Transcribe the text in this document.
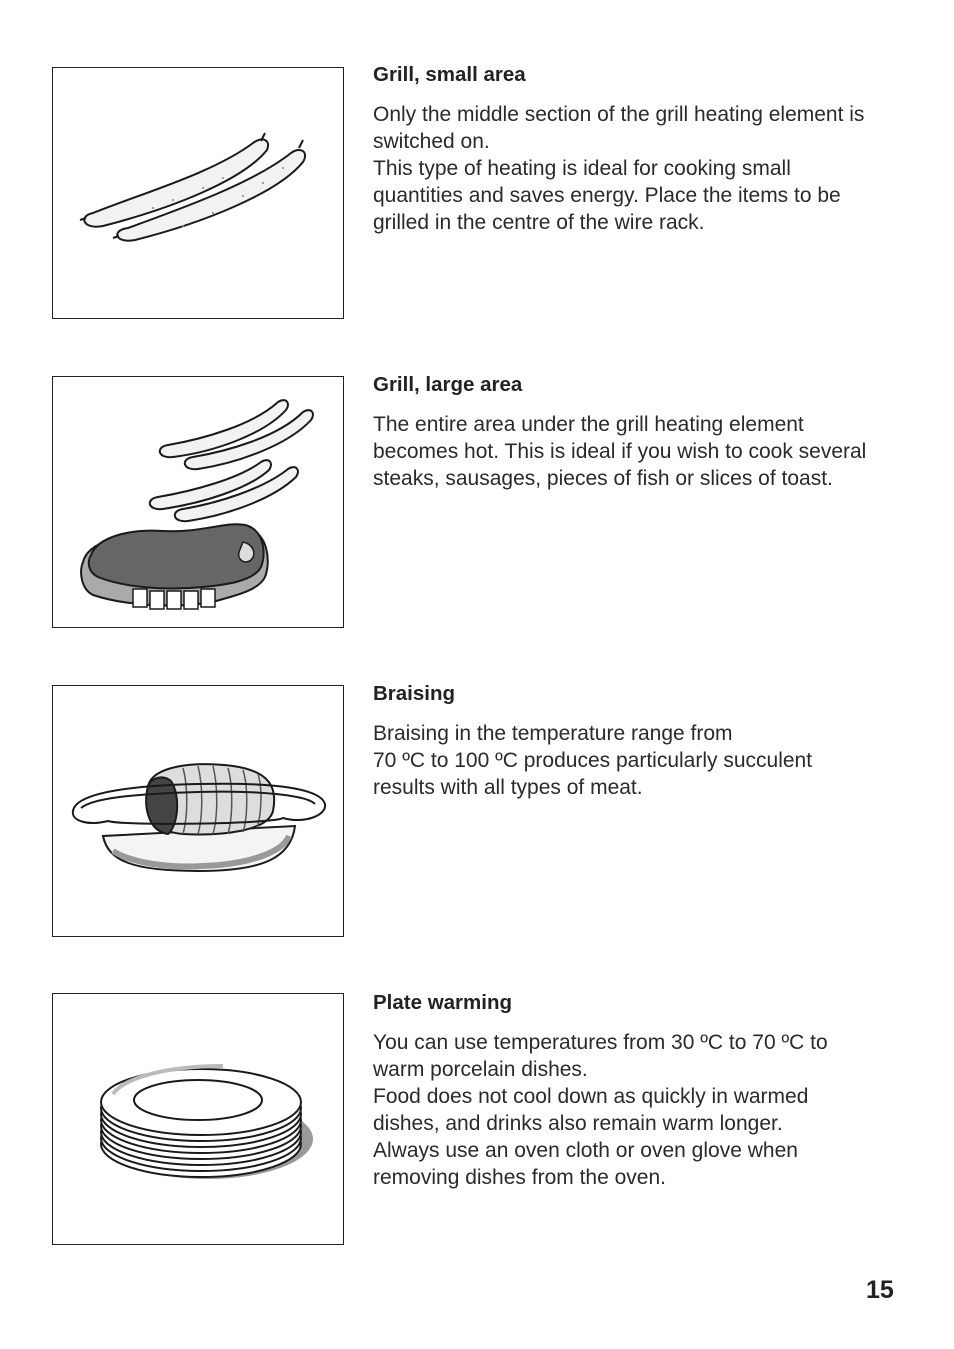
Grill, small area

Only the middle section of the grill heating element is
switched on.
This type of heating is ideal for cooking small
quantities and saves energy. Place the items to be
grilled in the centre of the wire rack.

Grill, large area

The entire area under the grill heating element
becomes hot. This is ideal if you wish to cook several
steaks, sausages, pieces of fish or slices of toast.

Braising

Braising in the temperature range from
70 ºC to 100 ºC produces particularly succulent
results with all types of meat.

Plate warming

You can use temperatures from 30 ºC to 70 ºC to
warm porcelain dishes.
Food does not cool down as quickly in warmed
dishes, and drinks also remain warm longer.
Always use an oven cloth or oven glove when
removing dishes from the oven.

15
